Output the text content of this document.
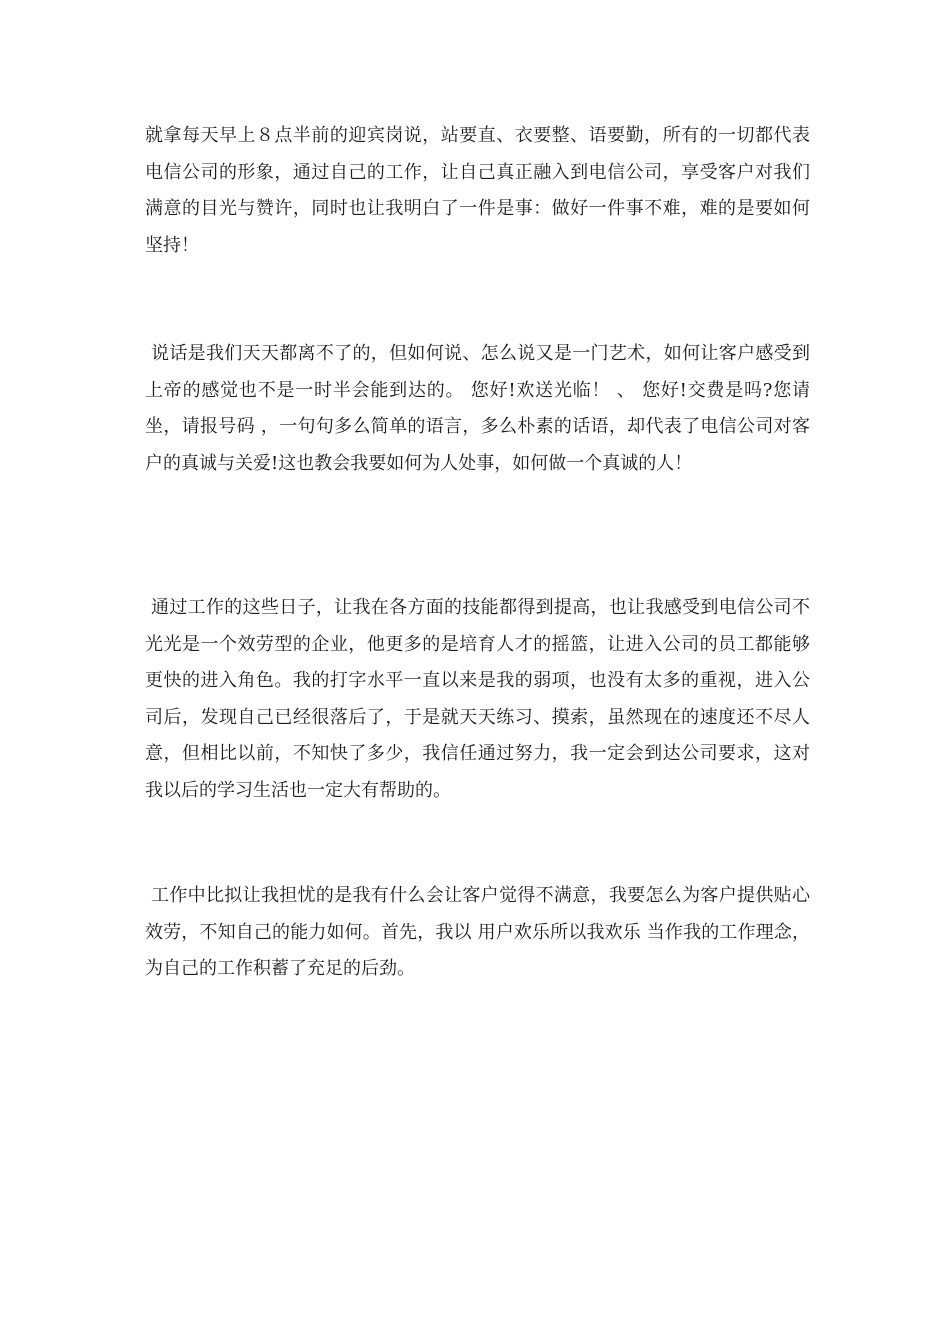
就拿每天早上８点半前的迎宾岗说，站要直、衣要整、语要勤，所有的一切都代表电信公司的形象，通过自己的工作，让自己真正融入到电信公司，享受客户对我们满意的目光与赞许，同时也让我明白了一件是事：做好一件事不难，难的是要如何坚持！

说话是我们天天都离不了的，但如何说、怎么说又是一门艺术，如何让客户感受到上帝的感觉也不是一时半会能到达的。 您好!欢送光临！ 、 您好!交费是吗?您请坐，请报号码 ，一句句多么简单的语言，多么朴素的话语，却代表了电信公司对客户的真诚与关爱!这也教会我要如何为人处事，如何做一个真诚的人！

通过工作的这些日子，让我在各方面的技能都得到提高，也让我感受到电信公司不光光是一个效劳型的企业，他更多的是培育人才的摇篮，让进入公司的员工都能够更快的进入角色。我的打字水平一直以来是我的弱项，也没有太多的重视，进入公司后，发现自己已经很落后了，于是就天天练习、摸索，虽然现在的速度还不尽人意，但相比以前，不知快了多少，我信任通过努力，我一定会到达公司要求，这对我以后的学习生活也一定大有帮助的。

工作中比拟让我担忧的是我有什么会让客户觉得不满意，我要怎么为客户提供贴心效劳，不知自己的能力如何。首先，我以 用户欢乐所以我欢乐 当作我的工作理念，为自己的工作积蓄了充足的后劲。
